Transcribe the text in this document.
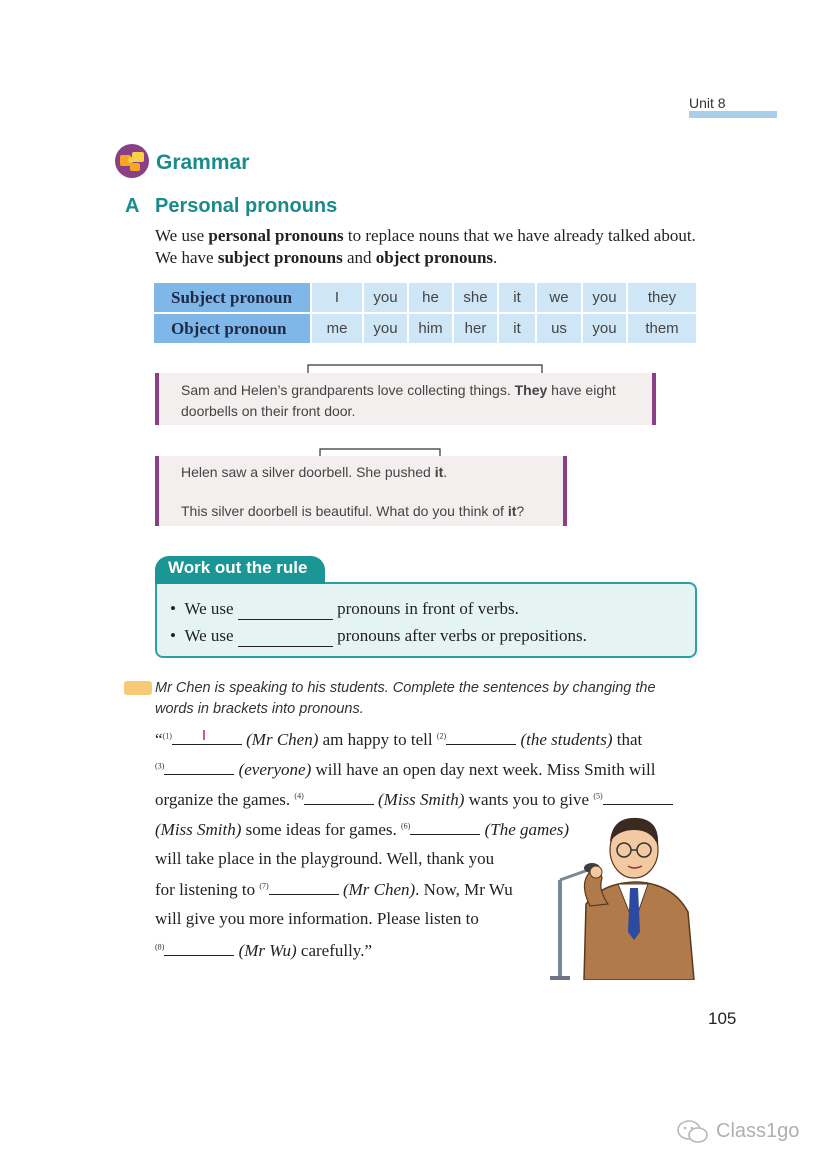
Unit 8
Grammar
A Personal pronouns
We use personal pronouns to replace nouns that we have already talked about. We have subject pronouns and object pronouns.
Subject pronoun	I	you	he	she	it	we	you	they
Object pronoun	me	you	him	her	it	us	you	them
Sam and Helen’s grandparents love collecting things. They have eight
doorbells on their front door.
Helen saw a silver doorbell. She pushed it.
This silver doorbell is beautiful. What do you think of it?
Work out the rule
•  We use	pronouns in front of verbs.
•  We use	pronouns after verbs or prepositions.
Mr Chen is speaking to his students. Complete the sentences by changing the words in brackets into pronouns.
“$^{(1)}$ I (Mr Chen) am happy to tell $^{(2)}$	(the students) that
$^{(3)}$	(everyone) will have an open day next week. Miss Smith will
organize the games. $^{(4)}$	(Miss Smith) wants you to give $^{(5)}$
(Miss Smith) some ideas for games. $^{(6)}$	(The games)
will take place in the playground. Well, thank you
for listening to $^{(7)}$	(Mr Chen). Now, Mr Wu
will give you more information. Please listen to
$^{(8)}$	(Mr Wu) carefully.”
105
Class1go
